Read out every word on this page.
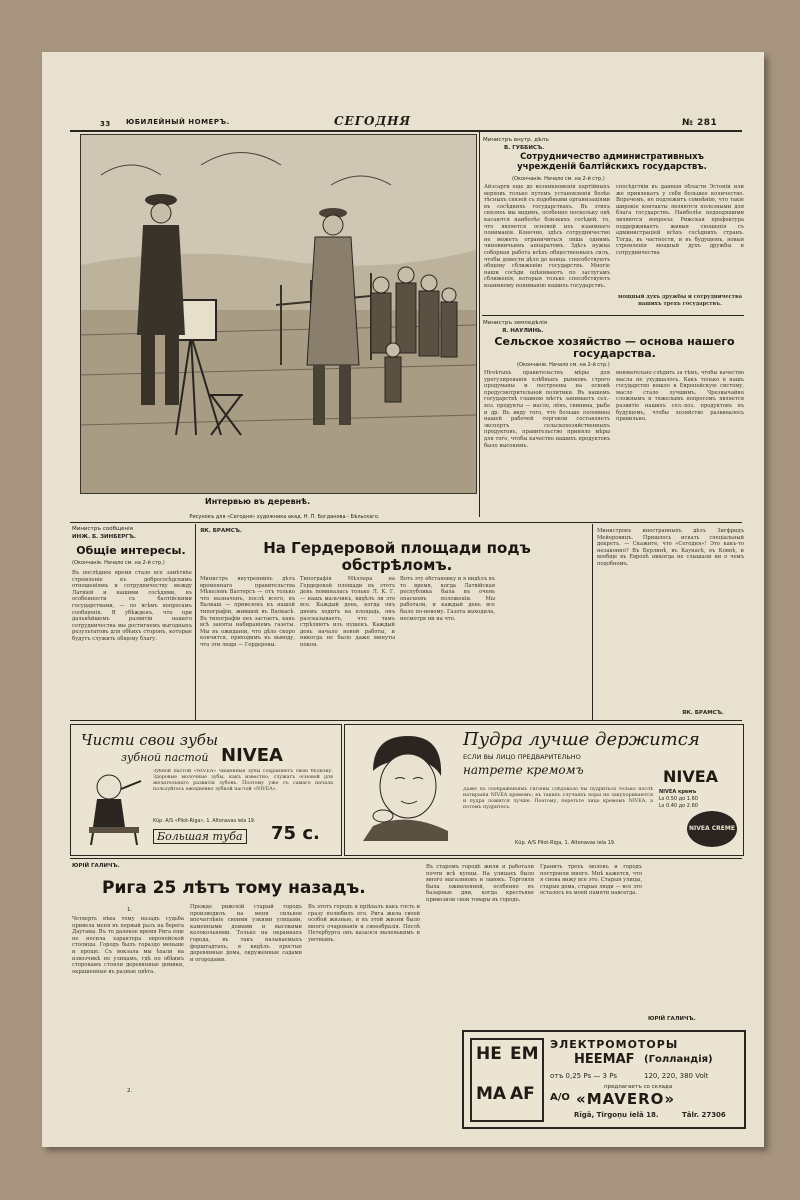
33 ЮБИЛЕЙНЫЙ НОМЕРЪ.	СЕГОДНЯ	№ 281
Интервью въ деревнѣ.
Рисунокъ для «Сегодня» художника акад. Н. П. Богданова - Бѣльскаго.
Министръ внутр. дѣлъ
В. ГУББИСЪ.
Сотрудничество административныхъ учрежденій балтійскихъ государствъ.
(Окончаніе. Начало см. на 2-й стр.)
Айзсарги еще до возникновенія партійныхъ верховъ только путемъ установленія болѣе тѣсныхъ связей съ подобными организаціями въ сосѣднихъ государствахъ. Въ этихъ связяхъ мы видимъ, особенно поскольку онѣ касаются наиболѣе близкихъ сосѣдей, то, что является основой ихъ взаимнаго пониманія. Конечно, здѣсь сотрудничество не можетъ ограничиться лишь однимъ чиновничьимъ аппаратомъ. Здѣсь нужна соборная работа всѣхъ общественныхъ силъ, чтобы довести дѣло до конца. способствуютъ общему сближенію государствъ. Многіе наши сосѣди оцѣниваютъ по заслугамъ сближенія, которыя только способствуютъ взаимному пониманію нашихъ государствъ.
спосѣдствіи въ данныя области Эстоніи или же привлекатъ у себя большее количество. Впрочемъ, не подлежитъ сомнѣнію, что такіе широкіе контакты являются полезными для блага государствъ. Наиболѣе подходящими являются вопросы: Рижская префектура поддерживаетъ живыя сношенія съ администраціей всѣхъ сосѣднихъ странъ. Тогда, въ частности, и въ будущемъ, новыя стремленія мощный духъ дружбы и сотрудничества
мощный духъ дружбы и сотрудничества нашихъ трехъ государствъ.
Министръ земледѣлія
Я. НАУЛИНЬ.
Сельское хозяйство — основа нашего государства.
(Окончаніе. Начало см. на 2-й стр.)
Нѣчѣтыхъ правительствъ мѣры для урегулированія хлѣбныхъ рынковъ строго продуманы и построены на основѣ предусмотрительной политики. Въ нашемъ государствѣ главною мѣстъ занимаетъ сел.-хоз. продукты — масло, лёнъ, свинина, рыба и др. Въ виду того, что больше половины нашей рабочей торговли составляетъ экспортъ сельскохозяйственныхъ продуктовъ, правительство приняло мѣры для того, чтобы качество нашихъ продуктовъ было высокимъ.
внимательно слѣдить за тѣмъ, чтобы качество масла не ухудшалось. Какъ только в нашъ государство вошло в Европейскую систему, масло стало лучшимъ. Чрезвычайно сложнымъ и тяжелымъ вопросомъ является развитіе нашихъ сел.-хоз. продуктовъ въ будущемъ, чтобы хозяйство развивалось правильно.
Министръ сообщенія
ИНЖ. Б. ЗИНБЕРГЪ.
Общіе интересы.
(Окончаніе. Начало см. на 2-й стр.)
Въ послѣднее время стало все замѣтнѣе стремленіе къ добрососѣдскимъ отношеніямъ и сотрудничеству между Латвіей и нашими сосѣдями, въ особенности съ балтійскими государствами, — по всѣмъ вопросамъ сообщенія. Я убѣжденъ, что при дальнѣйшемъ развитіи нашего сотрудничества мы достигнемъ выгодныхъ результатовъ для обѣихъ сторонъ, которые будутъ служить общему благу.
ЯК. БРАМСЪ.
На Гердеровой площади подъ обстрѣломъ.
Министръ внутреннихъ дѣлъ временнаго правительства Мѣкеловъ Валтерсъ — отъ только что назначенъ, послѣ всего, въ Валкаш — привезенъ къ нашей типографіи, жившей въ Валкасѣ. Въ типографіи онъ застаетъ, какъ всѣ заняты набираніемъ газеты. Мы въ ожиданіи, что дѣло скоро кончится, приходимъ къ выводу, что эти люди — Гердеровы.
Типографія Мѣллера на Гердеровой площади въ этотъ день поминалась только Л. К. Г. — нашъ мальчикъ, видѣлъ ли это все. Каждый день, когда онъ днемъ ходитъ на площадь, онъ разсказываетъ, что тамъ стрѣляютъ изъ пушекъ. Каждый день начало новой работы, и никогда не было даже минуты покоя.
Вотъ эту обстановку и я видѣлъ въ то время, когда Латвійская республика была въ очень опасномъ положеніи. Мы работали, и каждый день все было по-новому. Газета выходила, несмотря ни на что.
Министровъ иностранныхъ дѣлъ Зигфридъ Мейеровицъ. Пришлось искать спеціальный декретъ. — Скажите, что «Сегодня»! Это какъ-то незаконно? Въ Берлинѣ, въ Каунасѣ, въ Ковнѣ, и вообще въ Европѣ никогда не слышали ни о чемъ подобномъ.
ЯК. БРАМСЪ.
Чисти свои зубы
зубной пастой NIVEA
Зубной пастой «NIVEA» чищенные зубы сохраняютъ свою бѣлизну. Здоровые молочные зубы, какъ известно, служатъ основой для желательнаго развитія зубовъ. Поэтому уже съ самаго начала пользуйтесь ежедневно зубной пастой «NIVEA».
Kūp. A/S «Pilot-Riga», 1. Altonavas iela 19.
Большая туба 75 с.
Пудра лучше держится
ЕСЛИ ВЫ ЛИЦО ПРЕДВАРИТЕЛЬНО
натрете кремомъ	NIVEA
Даже по соображеніямъ гигіены слѣдовало бы пудриться только послѣ натиранія NIVEA кремомъ; въ такихъ случаяхъ поры не закупориваются и пудра ложится лучше. Поэтому, перетьте лицо кремомъ NIVEA, а потомъ пудритесь.
Kūp. A/S Pilot-Riga, 1. Altonavas iela 19.
NIVEA кремъ
Ls 0.50 до 1.60
Ls 0.40 до 2.60
NIVEA CREME
ЮРІЙ ГАЛИЧЪ.
Рига 25 лѣтъ тому назадъ.
1.
Четверть вѣка тому назадъ судьба привела меня въ первый разъ на берега Даугавы. Въ то далекое время Рига еще не носила характера европейской столицы. Городъ былъ гораздо меньше и проще. Съ вокзала мы ѣхали на извозчикѣ по улицамъ, гдѣ по обѣимъ сторонамъ стояли деревянные домики, окрашенные въ разные цвѣта.
2.
Прежде рижскій старый городъ производилъ на меня сильное впечатлѣніе своими узкими улицами, каменными домами и высокими колокольнями. Только на окраинахъ города, въ такъ называемыхъ форштадтахъ, я видѣлъ простые деревянные дома, окруженные садами и огородами.
Въ этотъ городъ я пріѣхалъ какъ гость и сразу полюбилъ его. Рига жила своей особой жизнью, и въ этой жизни было много очарованія и своеобразія. Послѣ Петербурга онъ казался маленькимъ и уютнымъ.
Въ старомъ городѣ жили и работали почти всѣ купцы. На улицахъ было много магазиновъ и лавокъ. Торговля была оживленной, особенно въ базарные дни, когда крестьяне привозили свои товары въ городъ.
Гранить трехъ моловъ и городъ построили много. Мнѣ кажется, что я снова вижу все это. Старыя улицы, старые дома, старые люди — все это осталось въ моей памяти навсегда.
ЮРІЙ ГАЛИЧЪ.
HE EM
MA AF
ЭЛЕКТРОМОТОРЫ
HEEMAF (Голландія)
отъ 0,25 Ps — 3 Ps	120, 220, 380 Volt
предлагаетъ со склада
A/O «MAVERO»
Rīgā, Tirgoņu ielā 18.	Tālr. 27306
